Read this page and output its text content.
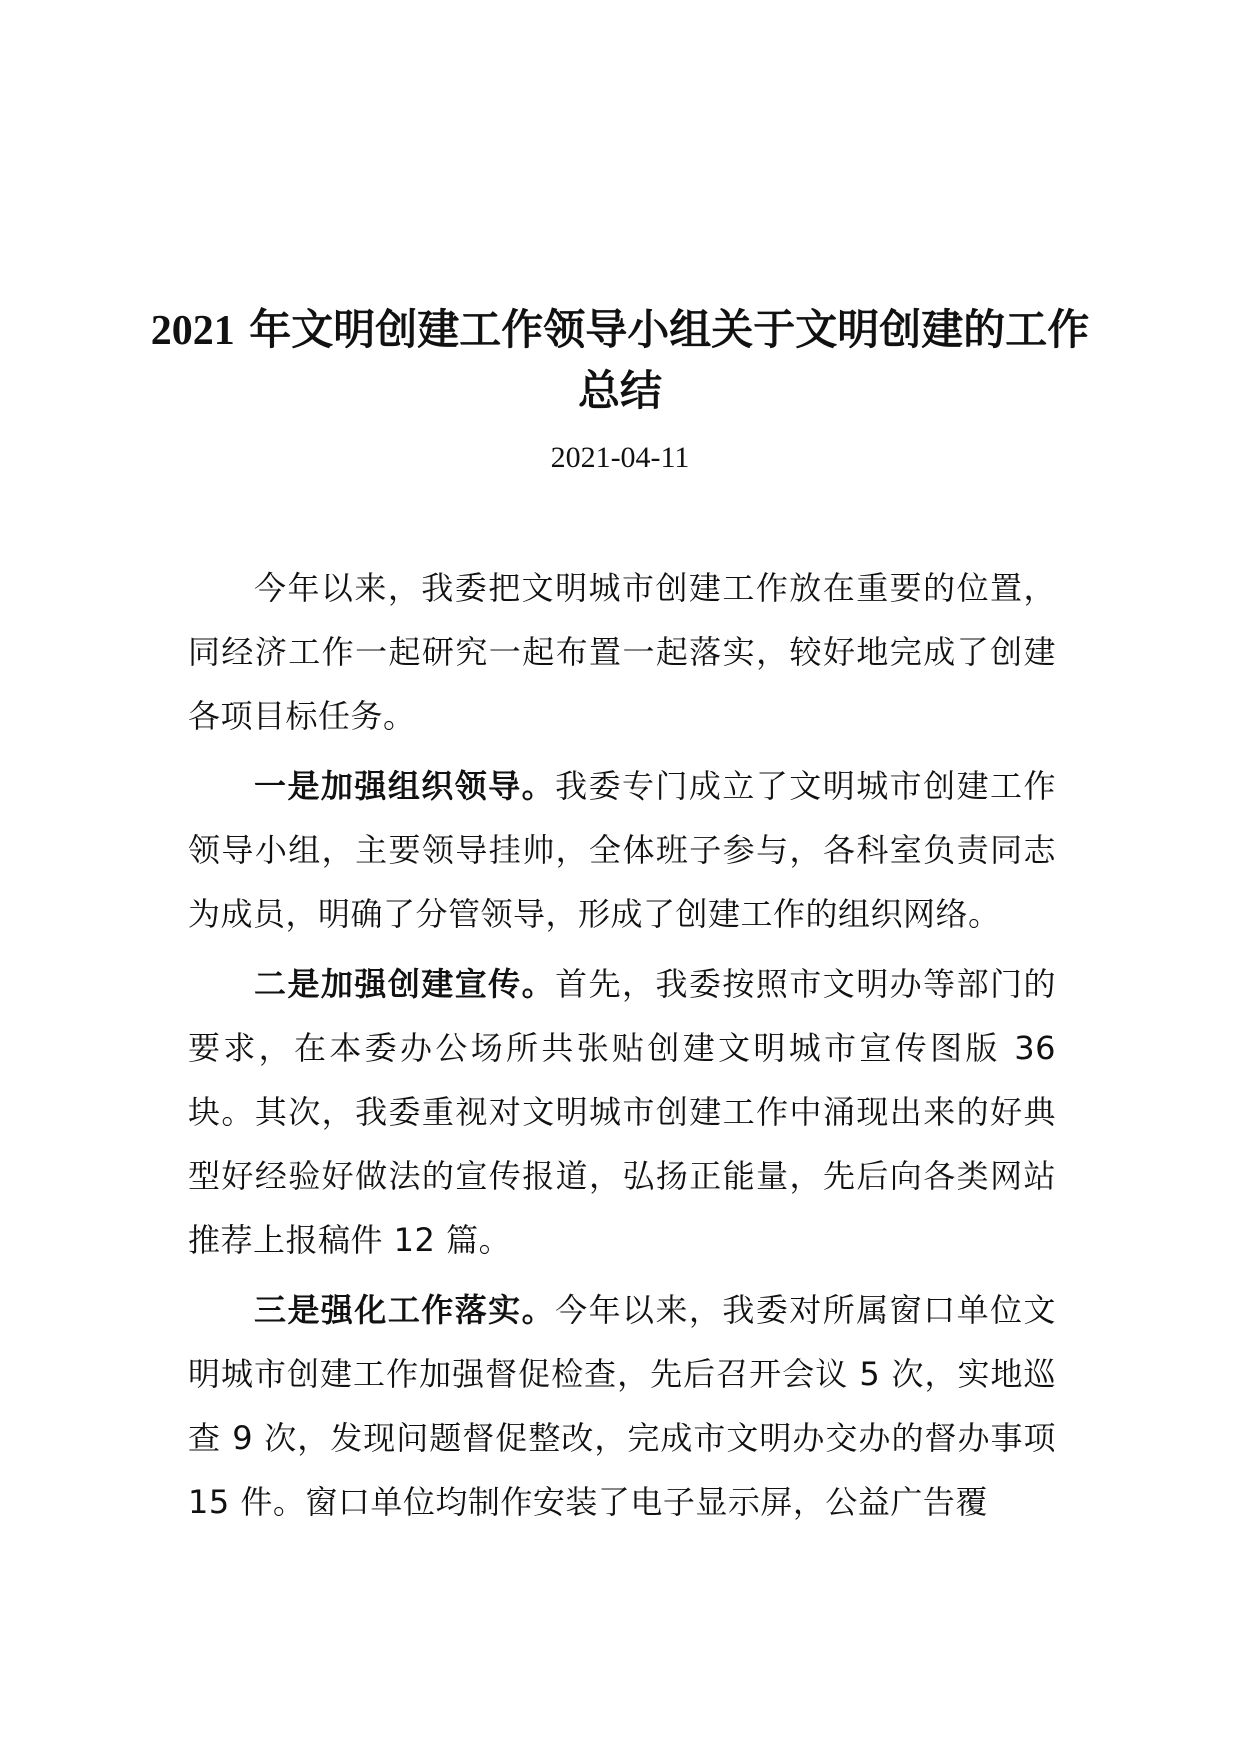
2021 年文明创建工作领导小组关于文明创建的工作总结
2021-04-11

今年以来，我委把文明城市创建工作放在重要的位置，同经济工作一起研究一起布置一起落实，较好地完成了创建各项目标任务。

一是加强组织领导。我委专门成立了文明城市创建工作领导小组，主要领导挂帅，全体班子参与，各科室负责同志为成员，明确了分管领导，形成了创建工作的组织网络。

二是加强创建宣传。首先，我委按照市文明办等部门的要求，在本委办公场所共张贴创建文明城市宣传图版 36 块。其次，我委重视对文明城市创建工作中涌现出来的好典型好经验好做法的宣传报道，弘扬正能量，先后向各类网站推荐上报稿件 12 篇。

三是强化工作落实。今年以来，我委对所属窗口单位文明城市创建工作加强督促检查，先后召开会议 5 次，实地巡查 9 次，发现问题督促整改，完成市文明办交办的督办事项 15 件。窗口单位均制作安装了电子显示屏，公益广告覆
